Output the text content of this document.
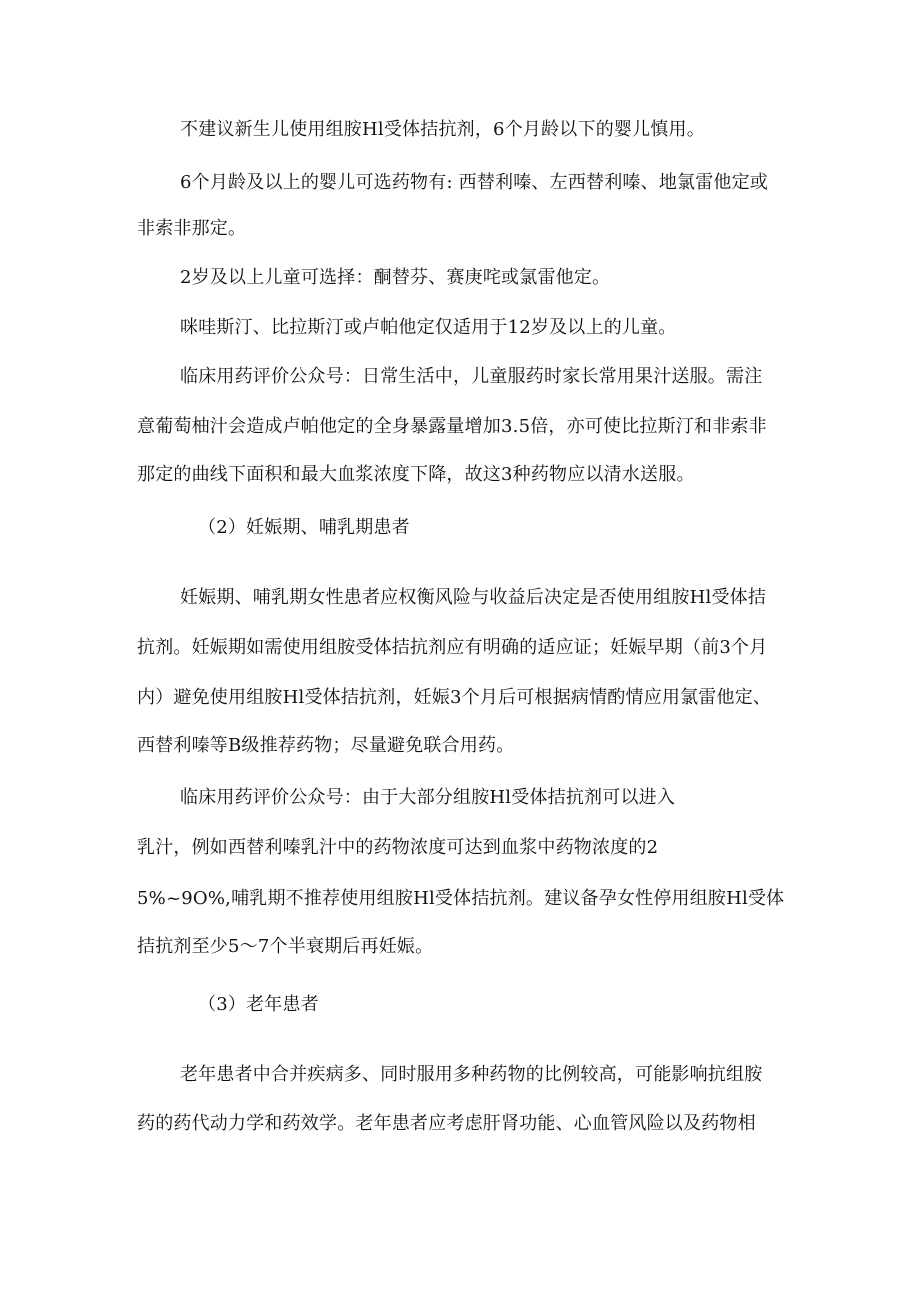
不建议新生儿使用组胺Hl受体拮抗剂，6个月龄以下的婴儿慎用。

6个月龄及以上的婴儿可选药物有: 西替利嗪、左西替利嗪、地氯雷他定或

非索非那定。

2岁及以上儿童可选择：酮替芬、赛庚咤或氯雷他定。

咪哇斯汀、比拉斯汀或卢帕他定仅适用于12岁及以上的儿童。

临床用药评价公众号：日常生活中，儿童服药时家长常用果汁送服。需注

意葡萄柚汁会造成卢帕他定的全身暴露量增加3.5倍，亦可使比拉斯汀和非索非

那定的曲线下面积和最大血浆浓度下降，故这3种药物应以清水送服。

（2）妊娠期、哺乳期患者

妊娠期、哺乳期女性患者应权衡风险与收益后决定是否使用组胺Hl受体拮

抗剂。妊娠期如需使用组胺受体拮抗剂应有明确的适应证；妊娠早期（前3个月

内）避免使用组胺Hl受体拮抗剂，妊娠3个月后可根据病情酌情应用氯雷他定、

西替利嗪等B级推荐药物；尽量避免联合用药。

临床用药评价公众号：由于大部分组胺Hl受体拮抗剂可以进入

乳汁，例如西替利嗪乳汁中的药物浓度可达到血浆中药物浓度的2

5%~9O%,哺乳期不推荐使用组胺Hl受体拮抗剂。建议备孕女性停用组胺Hl受体

拮抗剂至少5～7个半衰期后再妊娠。

（3）老年患者

老年患者中合并疾病多、同时服用多种药物的比例较高，可能影响抗组胺

药的药代动力学和药效学。老年患者应考虑肝肾功能、心血管风险以及药物相
